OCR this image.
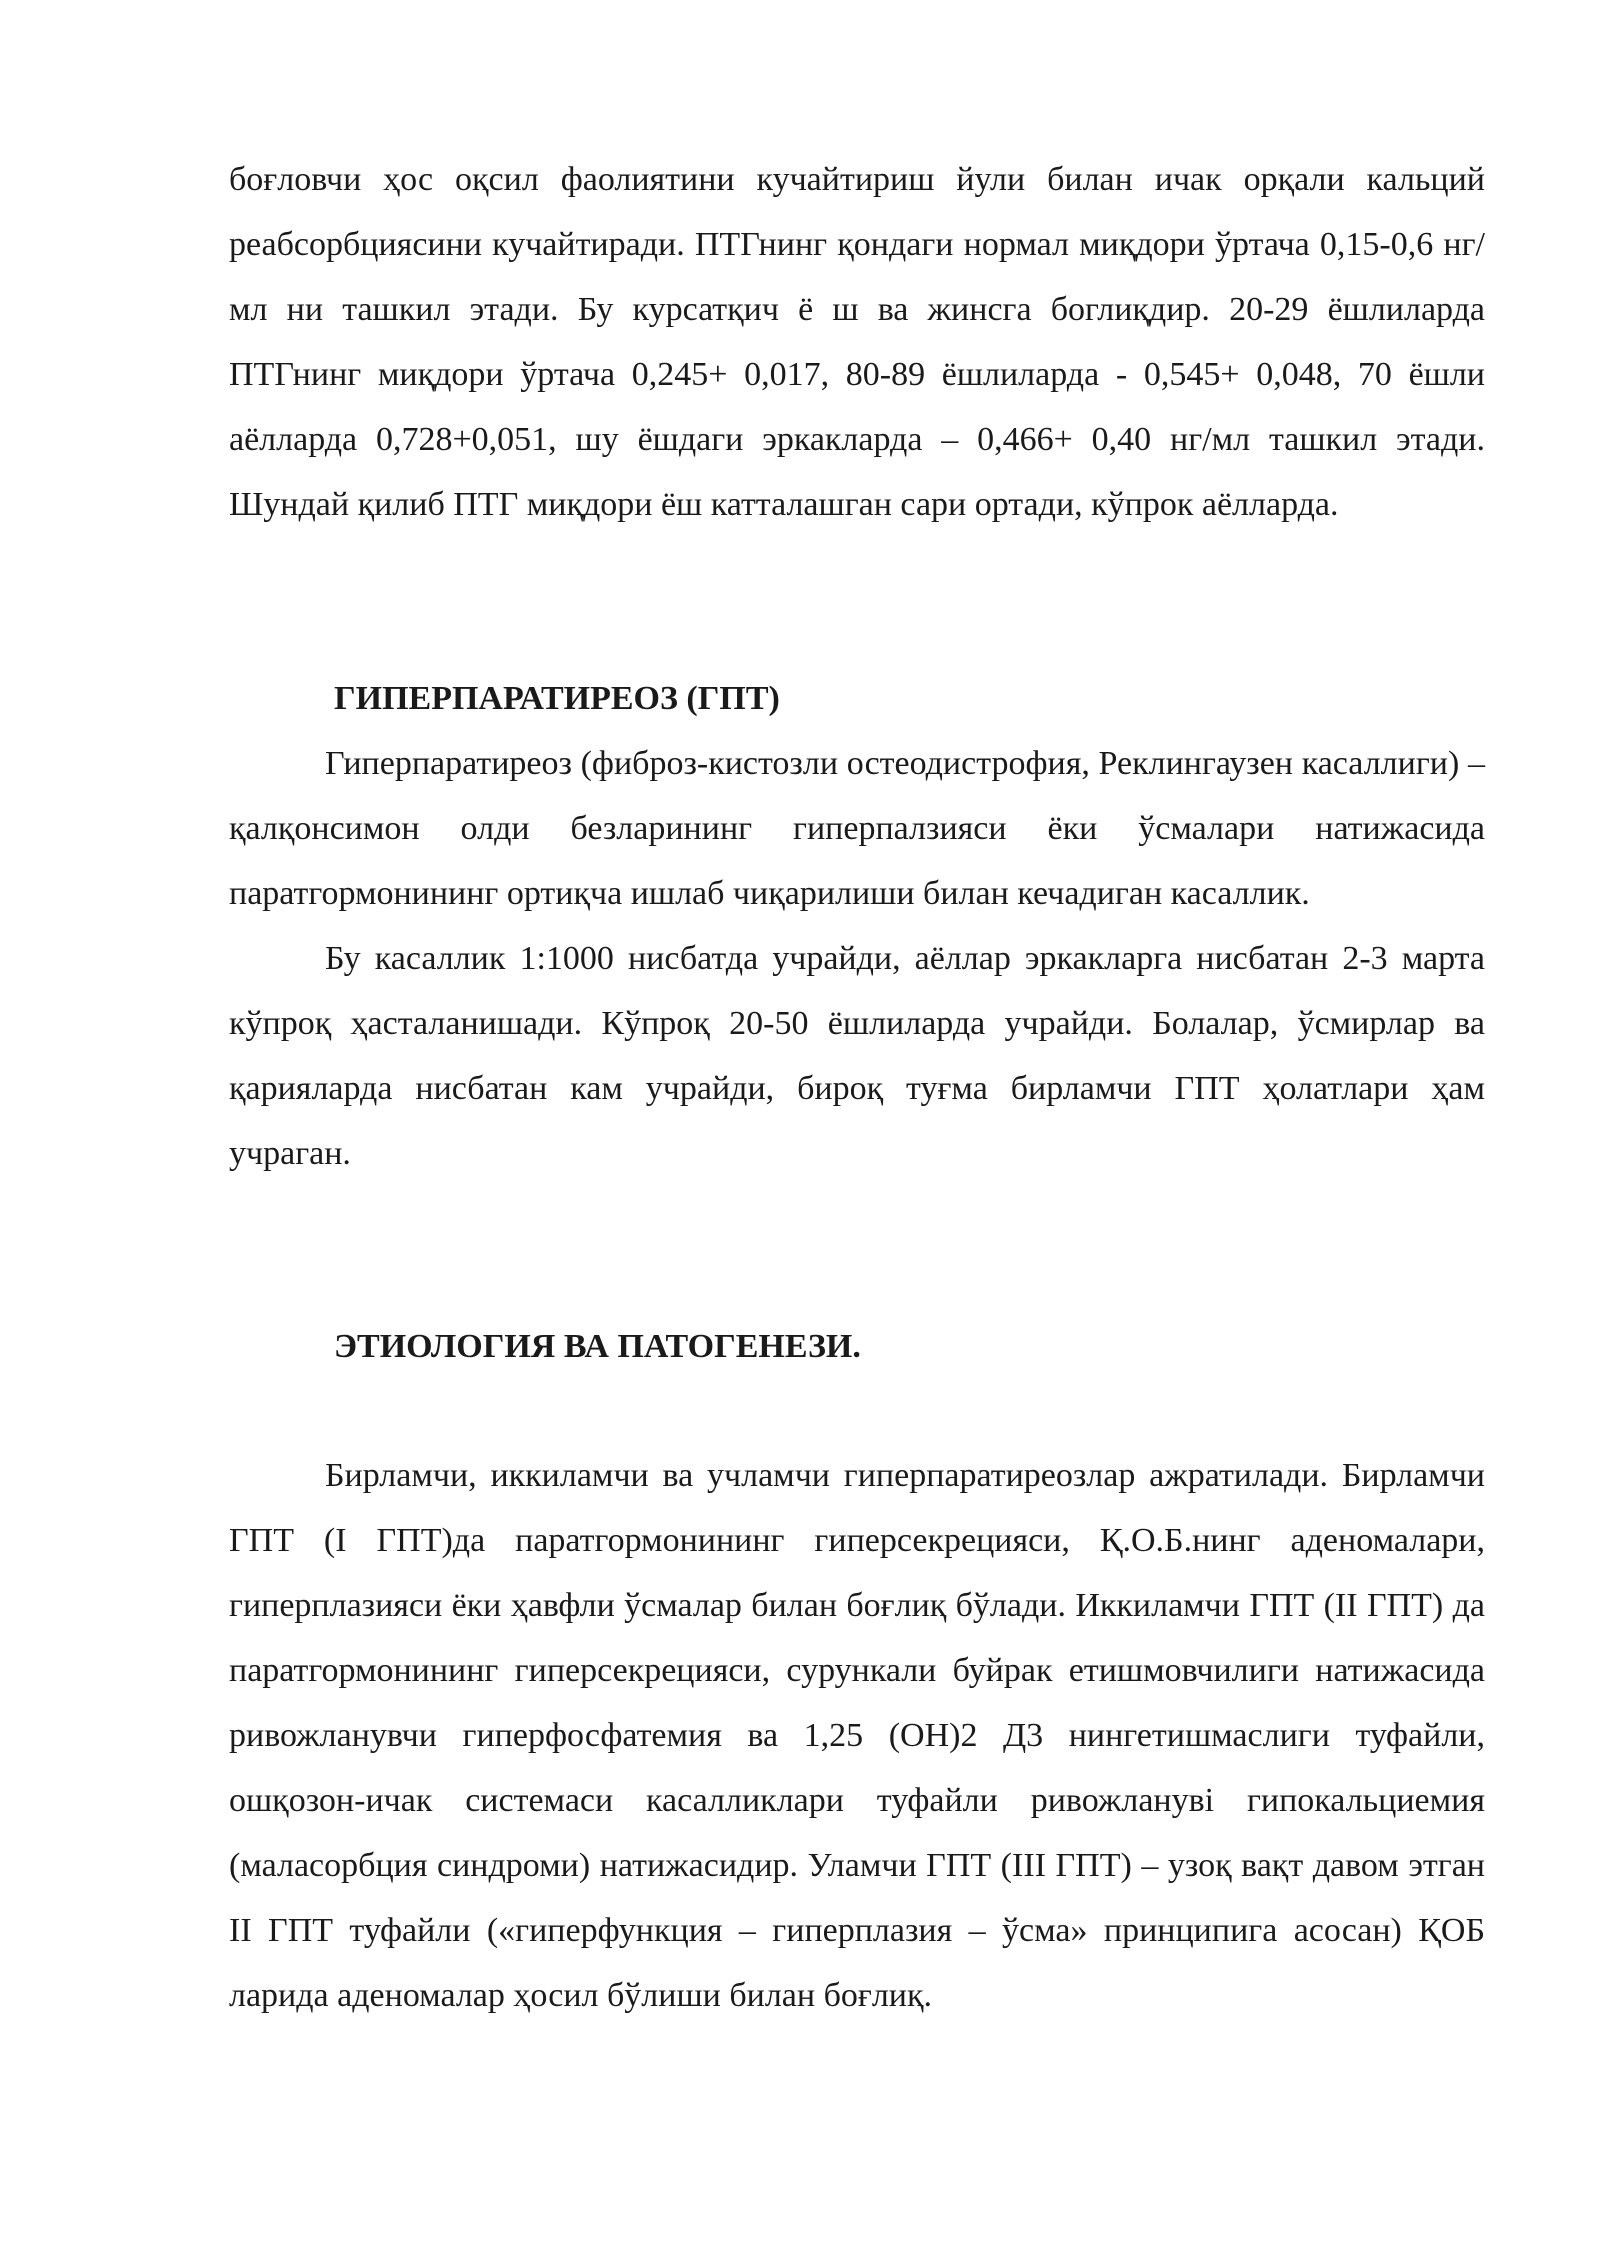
боғловчи ҳос оқсил фаолиятини кучайтириш йули билан ичак орқали кальций реабсорбциясини кучайтиради. ПТГнинг қондаги нормал миқдори ўртача 0,15-0,6 нг/мл ни ташкил этади. Бу курсатқич ё ш ва жинсга боглиқдир. 20-29 ёшлиларда ПТГнинг миқдори ўртача 0,245+ 0,017, 80-89 ёшлиларда - 0,545+ 0,048, 70 ёшли аёлларда 0,728+0,051, шу ёшдаги эркакларда – 0,466+ 0,40 нг/мл ташкил этади. Шундай қилиб ПТГ миқдори ёш катталашган сари ортади, кўпрок аёлларда.

ГИПЕРПАРАТИРЕОЗ (ГПТ)

Гиперпаратиреоз (фиброз-кистозли остеодистрофия, Реклингаузен касаллиги) – қалқонсимон олди безларининг гиперпалзияси ёки ўсмалари натижасида паратгормонининг ортиқча ишлаб чиқарилиши билан кечадиган касаллик.

Бу касаллик 1:1000 нисбатда учрайди, аёллар эркакларга нисбатан 2-3 марта кўпроқ ҳасталанишади. Кўпроқ 20-50 ёшлиларда учрайди. Болалар, ўсмирлар ва қарияларда нисбатан кам учрайди, бироқ туғма бирламчи ГПТ ҳолатлари ҳам учраган.

ЭТИОЛОГИЯ ВА ПАТОГЕНЕЗИ.

Бирламчи, иккиламчи ва учламчи гиперпаратиреозлар ажратилади. Бирламчи ГПТ (I ГПТ)да паратгормонининг гиперсекрецияси, Қ.О.Б.нинг аденомалари, гиперплазияси ёки ҳавфли ўсмалар билан боғлиқ бўлади. Иккиламчи ГПТ (II ГПТ) да паратгормонининг гиперсекрецияси, сурункали буйрак етишмовчилиги натижасида ривожланувчи гиперфосфатемия ва 1,25 (ОН)2 Д3 нингетишмаслиги туфайли, ошқозон-ичак системаси касалликлари туфайли ривожланувi гипокальциемия (маласорбция синдроми) натижасидир. Уламчи ГПТ (III ГПТ) – узоқ вақт давом этган II ГПТ туфайли («гиперфункция – гиперплазия – ўсма» принципига асосан) ҚОБ ларида аденомалар ҳосил бўлиши билан боғлиқ.
